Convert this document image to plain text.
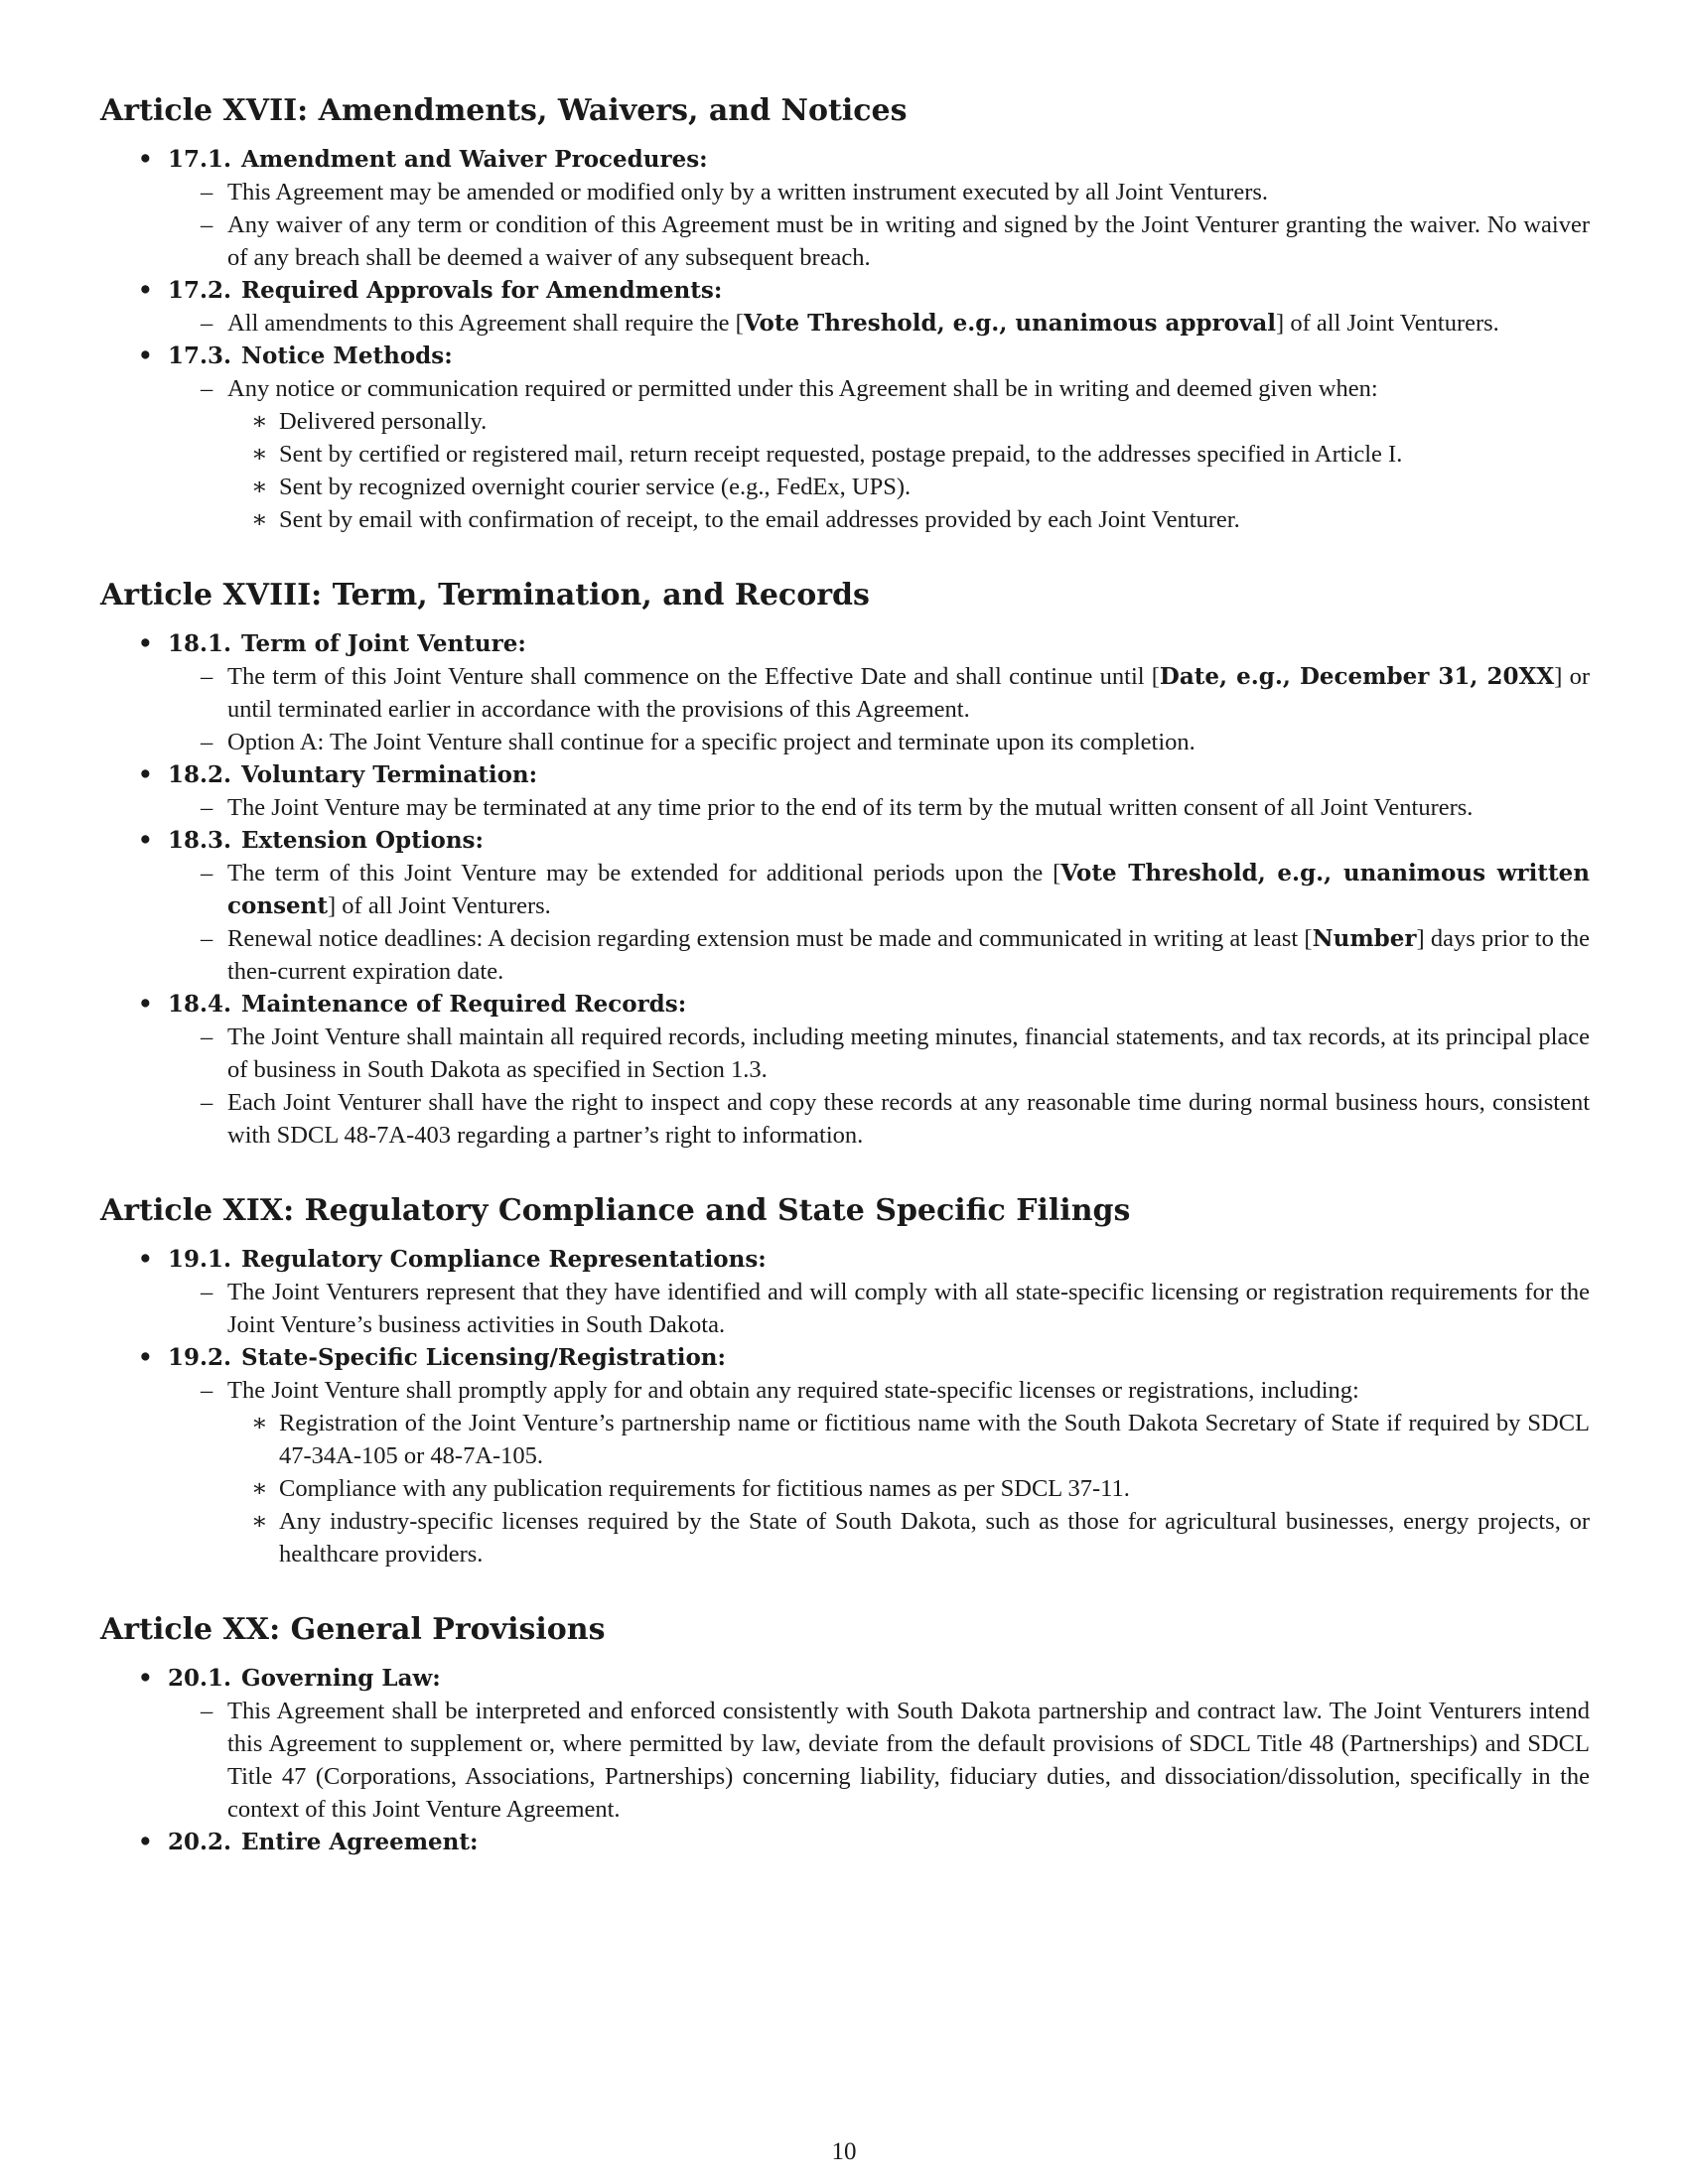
Article XVII: Amendments, Waivers, and Notices
• 17.1. Amendment and Waiver Procedures:
– This Agreement may be amended or modified only by a written instrument executed by all Joint Venturers.
– Any waiver of any term or condition of this Agreement must be in writing and signed by the Joint Venturer granting the waiver. No waiver of any breach shall be deemed a waiver of any subsequent breach.
• 17.2. Required Approvals for Amendments:
– All amendments to this Agreement shall require the [Vote Threshold, e.g., unanimous approval] of all Joint Venturers.
• 17.3. Notice Methods:
– Any notice or communication required or permitted under this Agreement shall be in writing and deemed given when:
∗ Delivered personally.
∗ Sent by certified or registered mail, return receipt requested, postage prepaid, to the addresses specified in Article I.
∗ Sent by recognized overnight courier service (e.g., FedEx, UPS).
∗ Sent by email with confirmation of receipt, to the email addresses provided by each Joint Venturer.
Article XVIII: Term, Termination, and Records
• 18.1. Term of Joint Venture:
– The term of this Joint Venture shall commence on the Effective Date and shall continue until [Date, e.g., December 31, 20XX] or until terminated earlier in accordance with the provisions of this Agreement.
– Option A: The Joint Venture shall continue for a specific project and terminate upon its completion.
• 18.2. Voluntary Termination:
– The Joint Venture may be terminated at any time prior to the end of its term by the mutual written consent of all Joint Venturers.
• 18.3. Extension Options:
– The term of this Joint Venture may be extended for additional periods upon the [Vote Threshold, e.g., unanimous written consent] of all Joint Venturers.
– Renewal notice deadlines: A decision regarding extension must be made and communicated in writing at least [Number] days prior to the then-current expiration date.
• 18.4. Maintenance of Required Records:
– The Joint Venture shall maintain all required records, including meeting minutes, financial statements, and tax records, at its principal place of business in South Dakota as specified in Section 1.3.
– Each Joint Venturer shall have the right to inspect and copy these records at any reasonable time during normal business hours, consistent with SDCL 48-7A-403 regarding a partner’s right to information.
Article XIX: Regulatory Compliance and State Specific Filings
• 19.1. Regulatory Compliance Representations:
– The Joint Venturers represent that they have identified and will comply with all state-specific licensing or registration requirements for the Joint Venture’s business activities in South Dakota.
• 19.2. State-Specific Licensing/Registration:
– The Joint Venture shall promptly apply for and obtain any required state-specific licenses or registrations, including:
∗ Registration of the Joint Venture’s partnership name or fictitious name with the South Dakota Secretary of State if required by SDCL 47-34A-105 or 48-7A-105.
∗ Compliance with any publication requirements for fictitious names as per SDCL 37-11.
∗ Any industry-specific licenses required by the State of South Dakota, such as those for agricultural businesses, energy projects, or healthcare providers.
Article XX: General Provisions
• 20.1. Governing Law:
– This Agreement shall be interpreted and enforced consistently with South Dakota partnership and contract law. The Joint Venturers intend this Agreement to supplement or, where permitted by law, deviate from the default provisions of SDCL Title 48 (Partnerships) and SDCL Title 47 (Corporations, Associations, Partnerships) concerning liability, fiduciary duties, and dissociation/dissolution, specifically in the context of this Joint Venture Agreement.
• 20.2. Entire Agreement:
10
